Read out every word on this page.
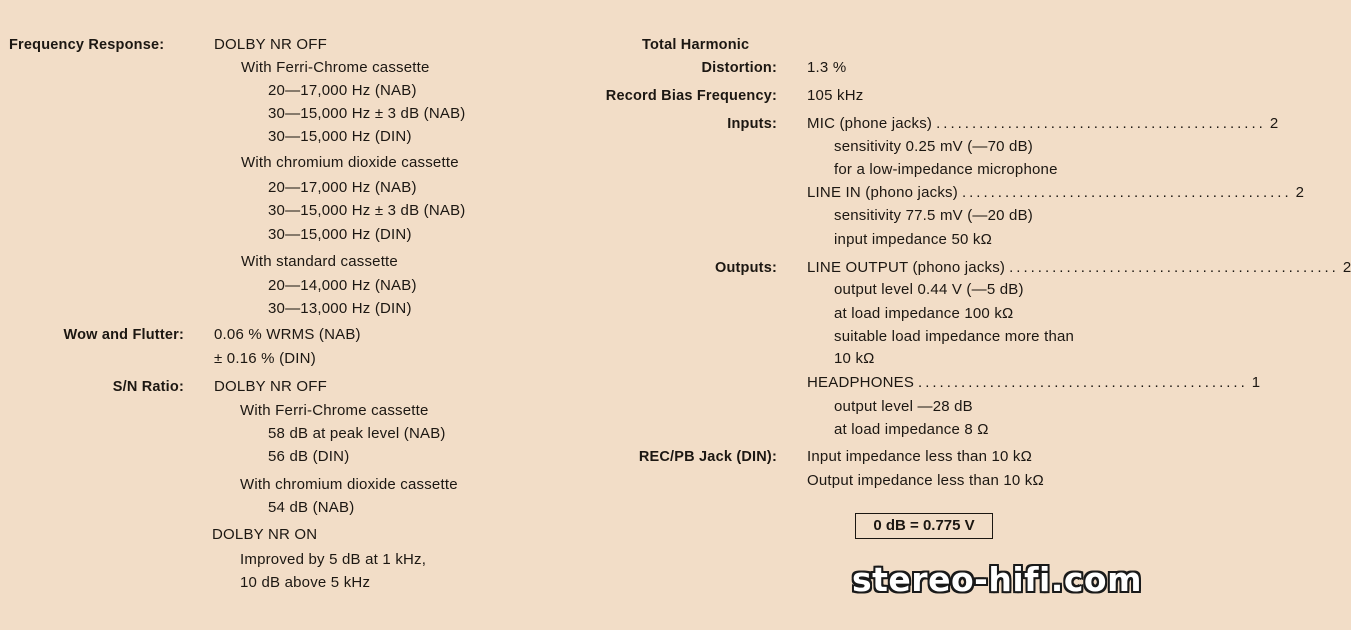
Frequency Response:	DOLBY NR OFF
With Ferri-Chrome cassette
20—17,000 Hz (NAB)
30—15,000 Hz ± 3 dB (NAB)
30—15,000 Hz (DIN)
With chromium dioxide cassette
20—17,000 Hz (NAB)
30—15,000 Hz ± 3 dB (NAB)
30—15,000 Hz (DIN)
With standard cassette
20—14,000 Hz (NAB)
30—13,000 Hz (DIN)
Wow and Flutter: 0.06 % WRMS (NAB)
± 0.16 % (DIN)
S/N Ratio: DOLBY NR OFF
With Ferri-Chrome cassette
58 dB at peak level (NAB)
56 dB (DIN)
With chromium dioxide cassette
54 dB (NAB)
DOLBY NR ON
Improved by 5 dB at 1 kHz,
10 dB above 5 kHz
Total Harmonic
Distortion: 1.3 %
Record Bias Frequency: 105 kHz
Inputs: MIC (phone jacks) .............................................. 2
sensitivity 0.25 mV (—70 dB)
for a low-impedance microphone
LINE IN (phono jacks) .............................................. 2
sensitivity 77.5 mV (—20 dB)
input impedance 50 kΩ
Outputs: LINE OUTPUT (phono jacks) .............................................. 2
output level 0.44 V (—5 dB)
at load impedance 100 kΩ
suitable load impedance more than
10 kΩ
HEADPHONES .............................................. 1
output level —28 dB
at load impedance 8 Ω
REC/PB Jack (DIN): Input impedance less than 10 kΩ
Output impedance less than 10 kΩ
0 dB = 0.775 V
stereo-hifi.com
